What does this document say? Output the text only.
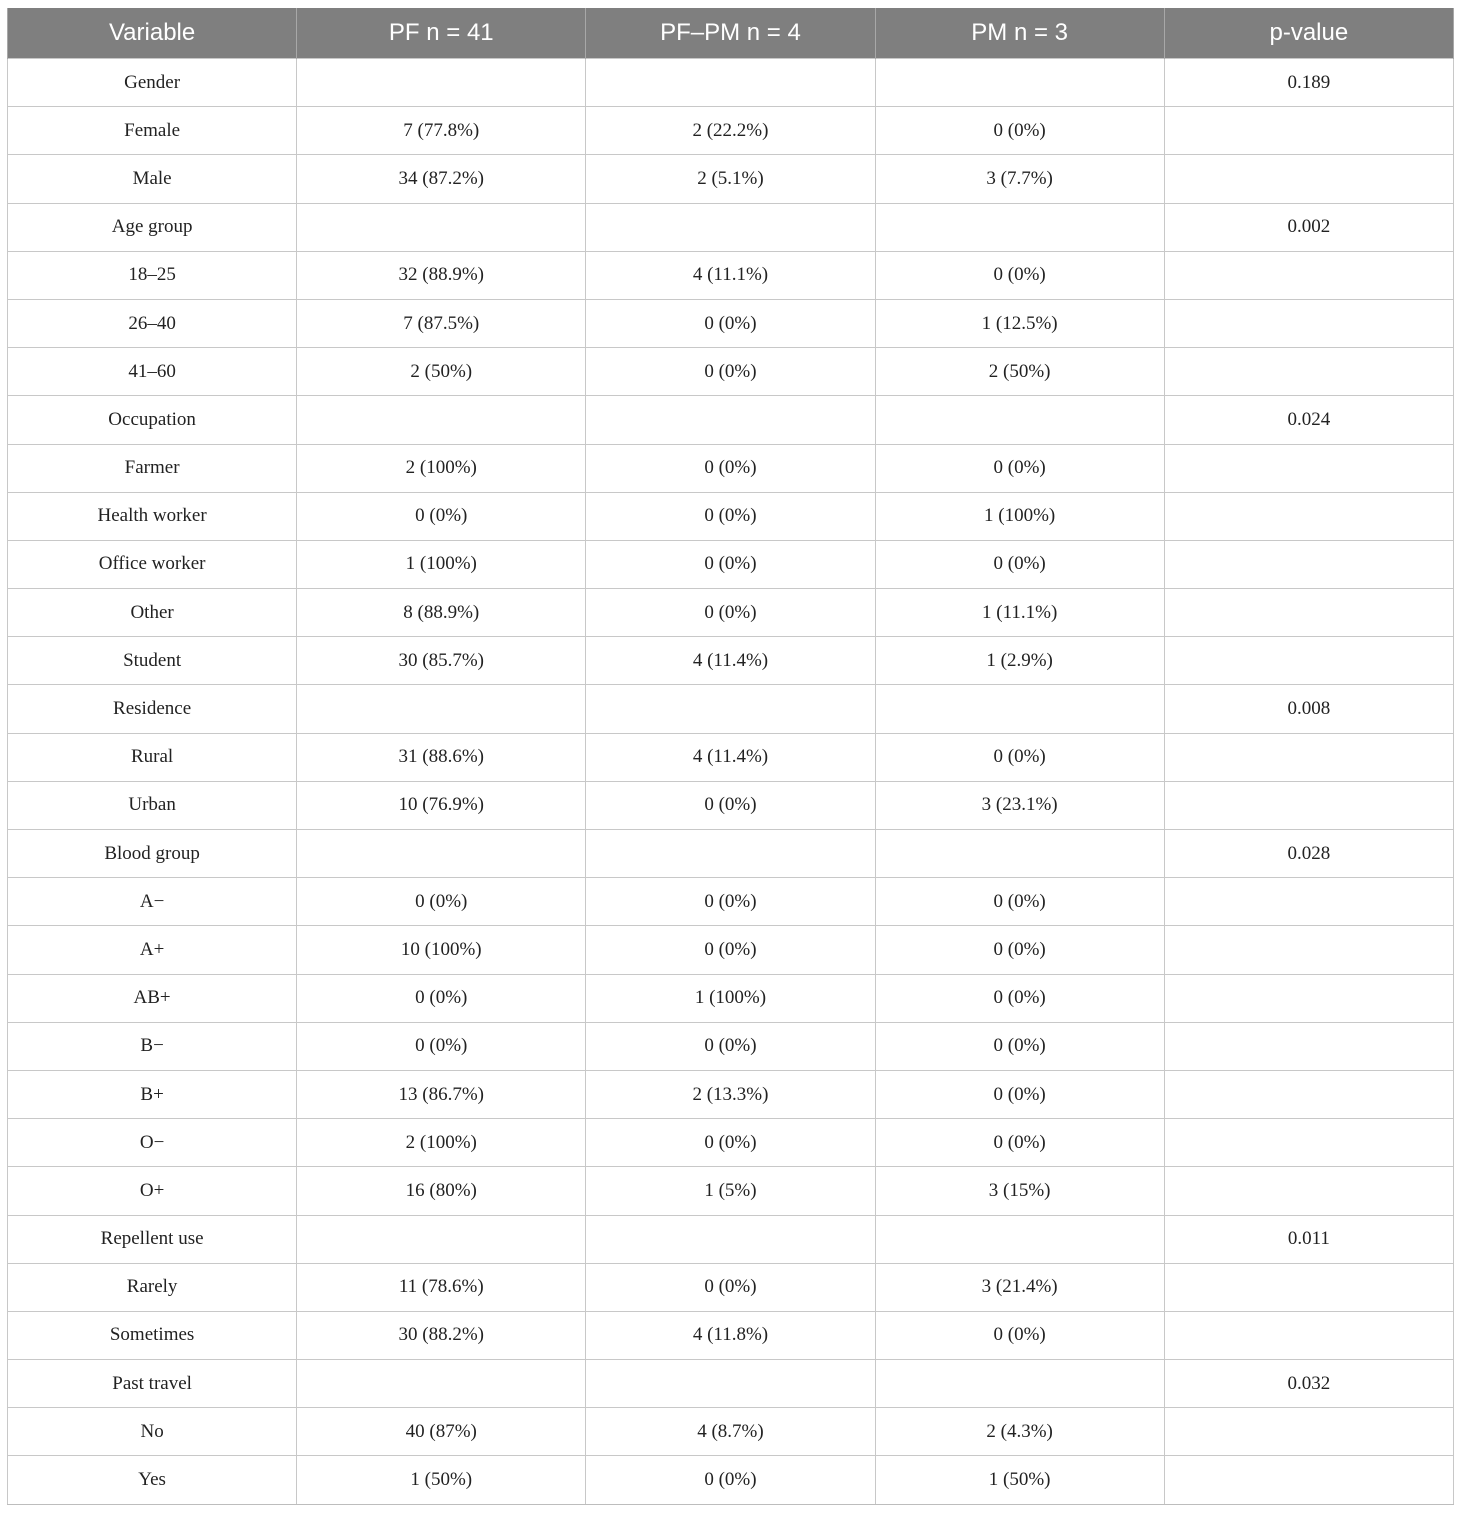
Variable	PF n = 41	PF–PM n = 4	PM n = 3	p-value
Gender				0.189
Female	7 (77.8%)	2 (22.2%)	0 (0%)	
Male	34 (87.2%)	2 (5.1%)	3 (7.7%)	
Age group				0.002
18–25	32 (88.9%)	4 (11.1%)	0 (0%)	
26–40	7 (87.5%)	0 (0%)	1 (12.5%)	
41–60	2 (50%)	0 (0%)	2 (50%)	
Occupation				0.024
Farmer	2 (100%)	0 (0%)	0 (0%)	
Health worker	0 (0%)	0 (0%)	1 (100%)	
Office worker	1 (100%)	0 (0%)	0 (0%)	
Other	8 (88.9%)	0 (0%)	1 (11.1%)	
Student	30 (85.7%)	4 (11.4%)	1 (2.9%)	
Residence				0.008
Rural	31 (88.6%)	4 (11.4%)	0 (0%)	
Urban	10 (76.9%)	0 (0%)	3 (23.1%)	
Blood group				0.028
A−	0 (0%)	0 (0%)	0 (0%)	
A+	10 (100%)	0 (0%)	0 (0%)	
AB+	0 (0%)	1 (100%)	0 (0%)	
B−	0 (0%)	0 (0%)	0 (0%)	
B+	13 (86.7%)	2 (13.3%)	0 (0%)	
O−	2 (100%)	0 (0%)	0 (0%)	
O+	16 (80%)	1 (5%)	3 (15%)	
Repellent use				0.011
Rarely	11 (78.6%)	0 (0%)	3 (21.4%)	
Sometimes	30 (88.2%)	4 (11.8%)	0 (0%)	
Past travel				0.032
No	40 (87%)	4 (8.7%)	2 (4.3%)	
Yes	1 (50%)	0 (0%)	1 (50%)	
